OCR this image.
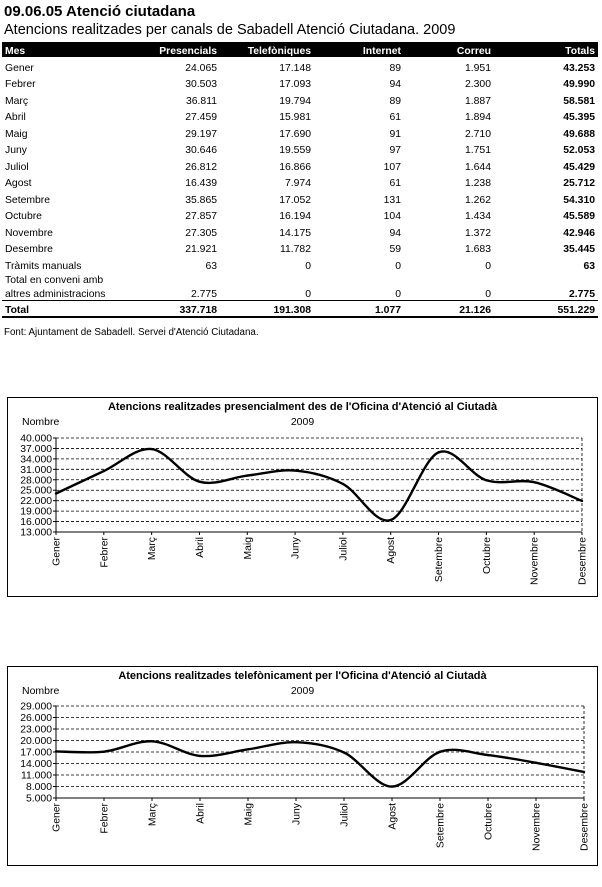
09.06.05 Atenció ciutadana
Atencions realitzades per canals de Sabadell Atenció Ciutadana. 2009
Mes	Presencials	Telefòniques	Internet	Correu	Totals
Gener	24.065	17.148	89	1.951	43.253
Febrer	30.503	17.093	94	2.300	49.990
Març	36.811	19.794	89	1.887	58.581
Abril	27.459	15.981	61	1.894	45.395
Maig	29.197	17.690	91	2.710	49.688
Juny	30.646	19.559	97	1.751	52.053
Juliol	26.812	16.866	107	1.644	45.429
Agost	16.439	7.974	61	1.238	25.712
Setembre	35.865	17.052	131	1.262	54.310
Octubre	27.857	16.194	104	1.434	45.589
Novembre	27.305	14.175	94	1.372	42.946
Desembre	21.921	11.782	59	1.683	35.445
Tràmits manuals	63	0	0	0	63
Total en conveni amb					
altres administracions	2.775	0	0	0	2.775
Total	337.718	191.308	1.077	21.126	551.229
Font: Ajuntament de Sabadell. Servei d'Atenció Ciutadana.
Atencions realitzades presencialment des de l'Oficina d'Atenció al Ciutadà
2009
Nombre
13.000
16.000
19.000
22.000
25.000
28.000
31.000
34.000
37.000
40.000
Gener	Febrer	Març	Abril	Maig	Juny	Juliol	Agost	Setembre	Octubre	Novembre	Desembre
Atencions realitzades telefònicament per l'Oficina d'Atenció al Ciutadà
2009
Nombre
5.000
8.000
11.000
14.000
17.000
20.000
23.000
26.000
29.000
Gener	Febrer	Març	Abril	Maig	Juny	Juliol	Agost	Setembre	Octubre	Novembre	Desembre
